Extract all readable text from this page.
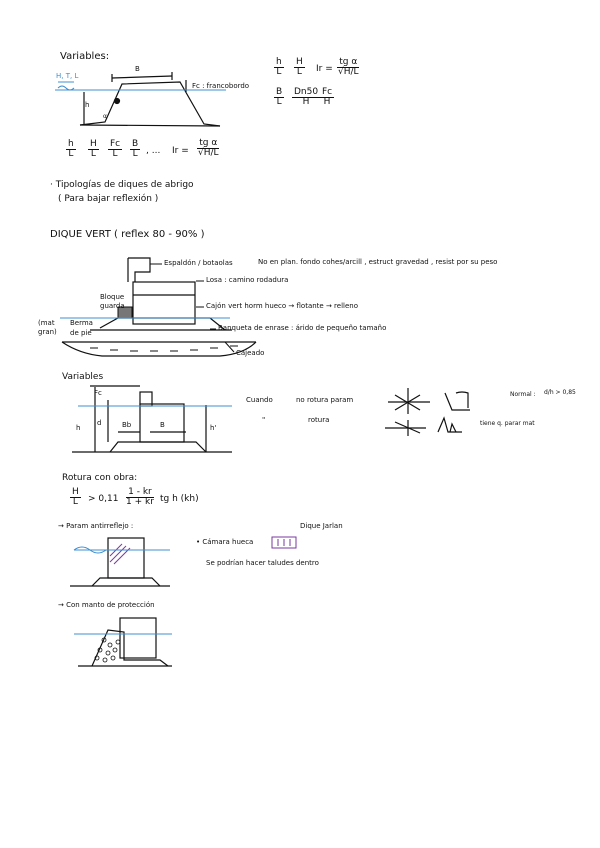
Variables:
H, T, L
B
Fc : francobordo
h
α
$\frac{h}{L} \frac{H}{L} \frac{Fc}{L} \frac{B}{L}$ , ... $Ir = \frac{\text{tg α}}{√H/L}$
$\frac{h}{L} \frac{H}{L}$ $Ir = \frac{\text{tg α}}{√H/L}$
$\frac{B}{L} \frac{Dn50}{H} \frac{Fc}{H}$
· Tipologías de diques de abrigo
( Para bajar reflexión )
DIQUE VERT ( reflex 80 - 90% )
No en plan. fondo cohes/arcill , estruct gravedad , resist por su peso
Espaldón / botaolas
Losa : camino rodadura
Bloque
guarda	Cajón vert horm hueco → flotante → relleno
(mat
gran)
Berma
de pie
Banqueta de enrase : árido de pequeño tamaño
Cajeado
Variables
Fc
h
d	Bb	B	h'
Cuando	no rotura param
"	rotura
Normal : d/h > 0,85
tiene q. parar mat
Rotura con obra:
$\frac{H}{L} > 0,11 \frac{1 - kr}{1 + kr}$ tg h (kh)
→ Param antirreflejo :	Dique Jarlan
• Cámara hueca
Se podrían hacer taludes dentro
→ Con manto de protección
